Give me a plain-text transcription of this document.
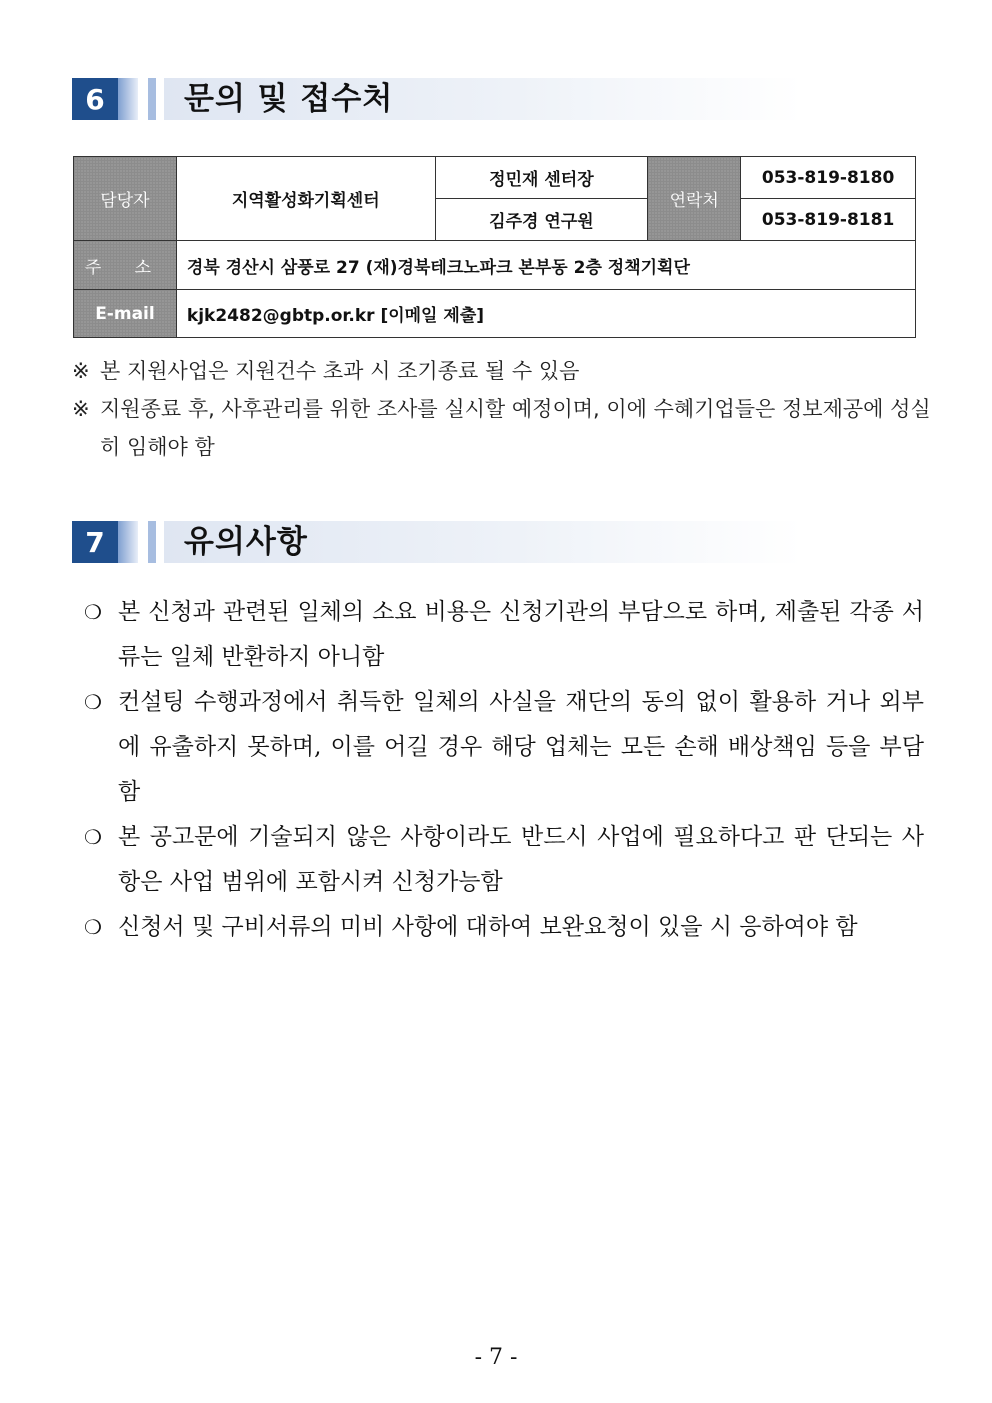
6	문의 및 접수처
담당자	지역활성화기획센터	정민재 센터장	연락처	053-819-8180
		김주경 연구원		053-819-8181
주 소	경북 경산시 삼풍로 27 (재)경북테크노파크 본부동 2층 정책기획단			
E-mail	kjk2482@gbtp.or.kr [이메일 제출]			
※ 본 지원사업은 지원건수 초과 시 조기종료 될 수 있음
※ 지원종료 후, 사후관리를 위한 조사를 실시할 예정이며, 이에 수혜기업들은 정보제공에 성실히 임해야 함
7	유의사항
❍ 본 신청과 관련된 일체의 소요 비용은 신청기관의 부담으로 하며, 제출된 각종 서류는 일체 반환하지 아니함
❍ 컨설팅 수행과정에서 취득한 일체의 사실을 재단의 동의 없이 활용하 거나 외부에 유출하지 못하며, 이를 어길 경우 해당 업체는 모든 손해 배상책임 등을 부담함
❍ 본 공고문에 기술되지 않은 사항이라도 반드시 사업에 필요하다고 판 단되는 사항은 사업 범위에 포함시켜 신청가능함
❍ 신청서 및 구비서류의 미비 사항에 대하여 보완요청이 있을 시 응하여야 함
- 7 -
